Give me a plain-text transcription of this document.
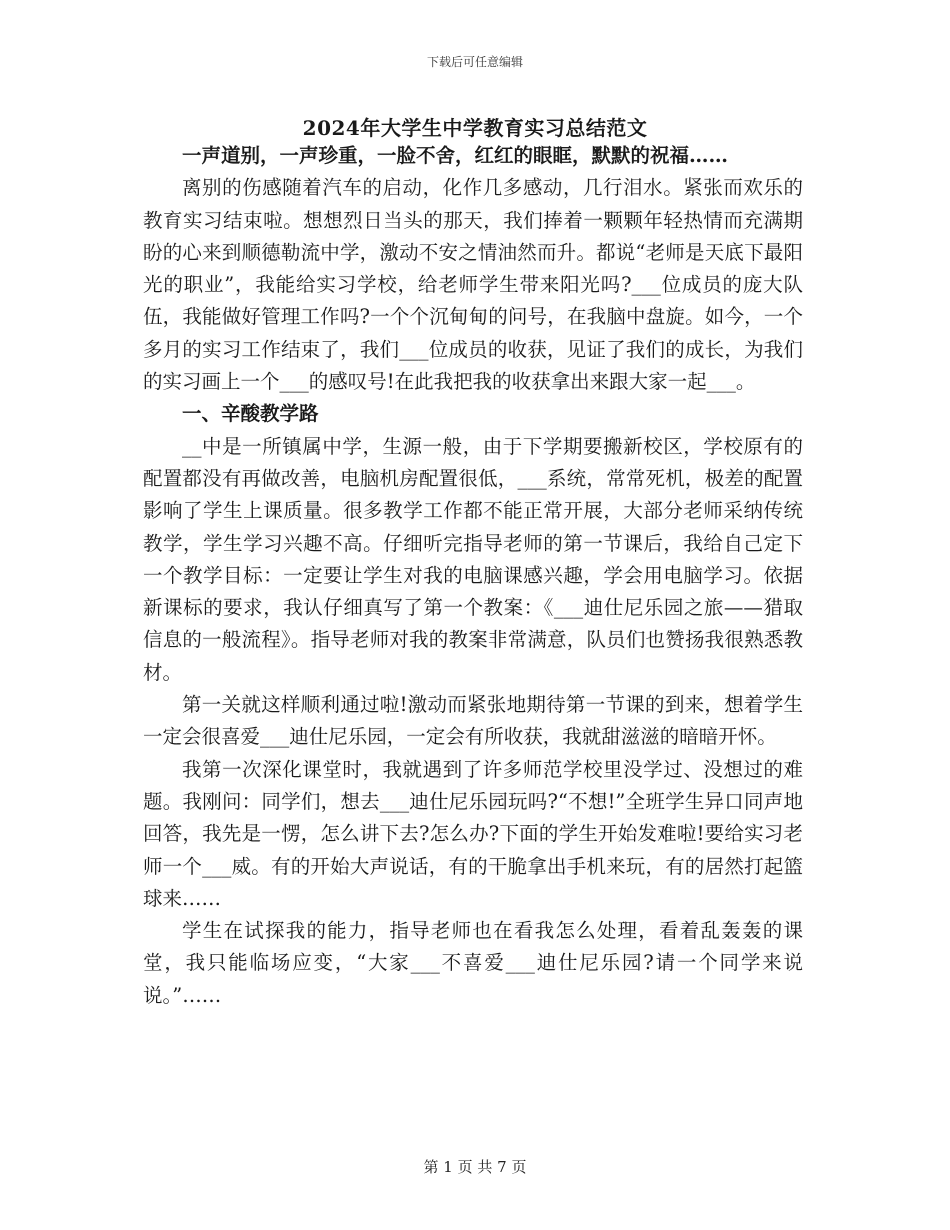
下载后可任意编辑
2024年大学生中学教育实习总结范文

一声道别，一声珍重，一脸不舍，红红的眼眶，默默的祝福……

离别的伤感随着汽车的启动，化作几多感动，几行泪水。紧张而欢乐的教育实习结束啦。想想烈日当头的那天，我们捧着一颗颗年轻热情而充满期盼的心来到顺德勒流中学，激动不安之情油然而升。都说“老师是天底下最阳光的职业”，我能给实习学校，给老师学生带来阳光吗?___位成员的庞大队伍，我能做好管理工作吗?一个个沉甸甸的问号，在我脑中盘旋。如今，一个多月的实习工作结束了，我们___位成员的收获，见证了我们的成长，为我们的实习画上一个___的感叹号!在此我把我的收获拿出来跟大家一起___。

一、辛酸教学路

__中是一所镇属中学，生源一般，由于下学期要搬新校区，学校原有的配置都没有再做改善，电脑机房配置很低，___系统，常常死机，极差的配置影响了学生上课质量。很多教学工作都不能正常开展，大部分老师采纳传统教学，学生学习兴趣不高。仔细听完指导老师的第一节课后，我给自己定下一个教学目标：一定要让学生对我的电脑课感兴趣，学会用电脑学习。依据新课标的要求，我认仔细真写了第一个教案：《___迪仕尼乐园之旅——猎取信息的一般流程》。指导老师对我的教案非常满意，队员们也赞扬我很熟悉教材。

第一关就这样顺利通过啦!激动而紧张地期待第一节课的到来，想着学生一定会很喜爱___迪仕尼乐园，一定会有所收获，我就甜滋滋的暗暗开怀。

我第一次深化课堂时，我就遇到了许多师范学校里没学过、没想过的难题。我刚问：同学们，想去___迪仕尼乐园玩吗?“不想!”全班学生异口同声地回答，我先是一愣，怎么讲下去?怎么办?下面的学生开始发难啦!要给实习老师一个___威。有的开始大声说话，有的干脆拿出手机来玩，有的居然打起篮球来……

学生在试探我的能力，指导老师也在看我怎么处理，看着乱轰轰的课堂，我只能临场应变，“大家___不喜爱___迪仕尼乐园?请一个同学来说说。”……

第 1 页 共 7 页
